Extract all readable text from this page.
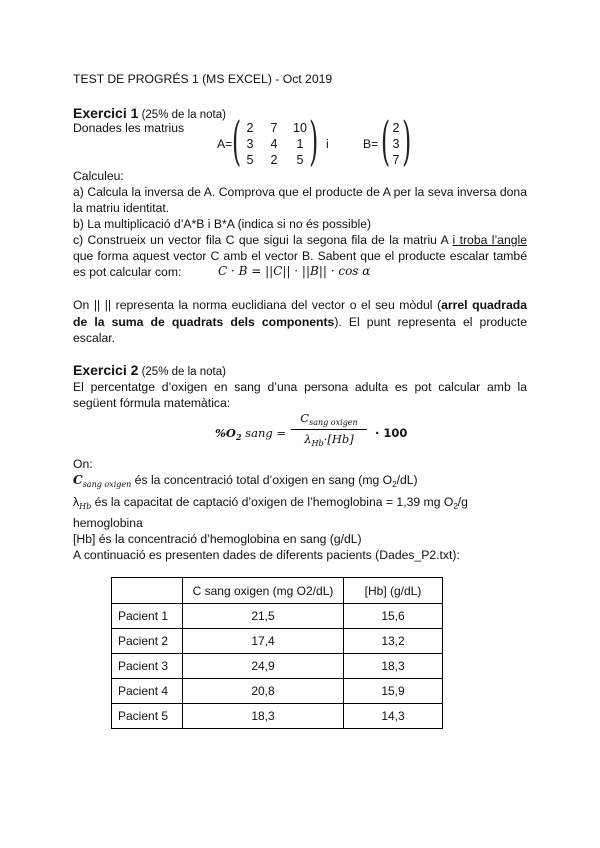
TEST DE PROGRÉS 1 (MS EXCEL) - Oct 2019
Exercici 1 (25% de la nota)
Donades les matrius
A= ( )
2	7	10
3	4	1
5	2	5
i	B= ( )
2
3
7
Calculeu:
a) Calcula la inversa de A. Comprova que el producte de A per la seva inversa dona
la matriu identitat.
b) La multiplicació d’A*B i B*A (indica si no és possible)
c) Construeix un vector fila C que sigui la segona fila de la matriu A i troba l’angle
que forma aquest vector C amb el vector B. Sabent que el producte escalar també
es pot calcular com:	C · B = ||C|| · ||B|| · cos α
On || || representa la norma euclidiana del vector o el seu mòdul (arrel quadrada
de la suma de quadrats dels components). El punt representa el producte
escalar.
Exercici 2 (25% de la nota)
El percentatge d’oxigen en sang d’una persona adulta es pot calcular amb la
següent fórmula matemàtica:
$\%O_2$ sang =
$C_{sang oxigen}$
$\lambda_{Hb}\cdot[Hb]$	· 100
On:
$C_{sang oxigen}$ és la concentració total d’oxigen en sang (mg $O_2/dL$)
$\lambda_{Hb}$ és la capacitat de captació d’oxigen de l’hemoglobina = 1,39 mg $O_2/g$
hemoglobina
[Hb] és la concentració d’hemoglobina en sang (g/dL)
A continuació es presenten dades de diferents pacients (Dades_P2.txt):
	C sang oxigen (mg O2/dL)	[Hb] (g/dL)
Pacient 1	21,5	15,6
Pacient 2	17,4	13,2
Pacient 3	24,9	18,3
Pacient 4	20,8	15,9
Pacient 5	18,3	14,3
